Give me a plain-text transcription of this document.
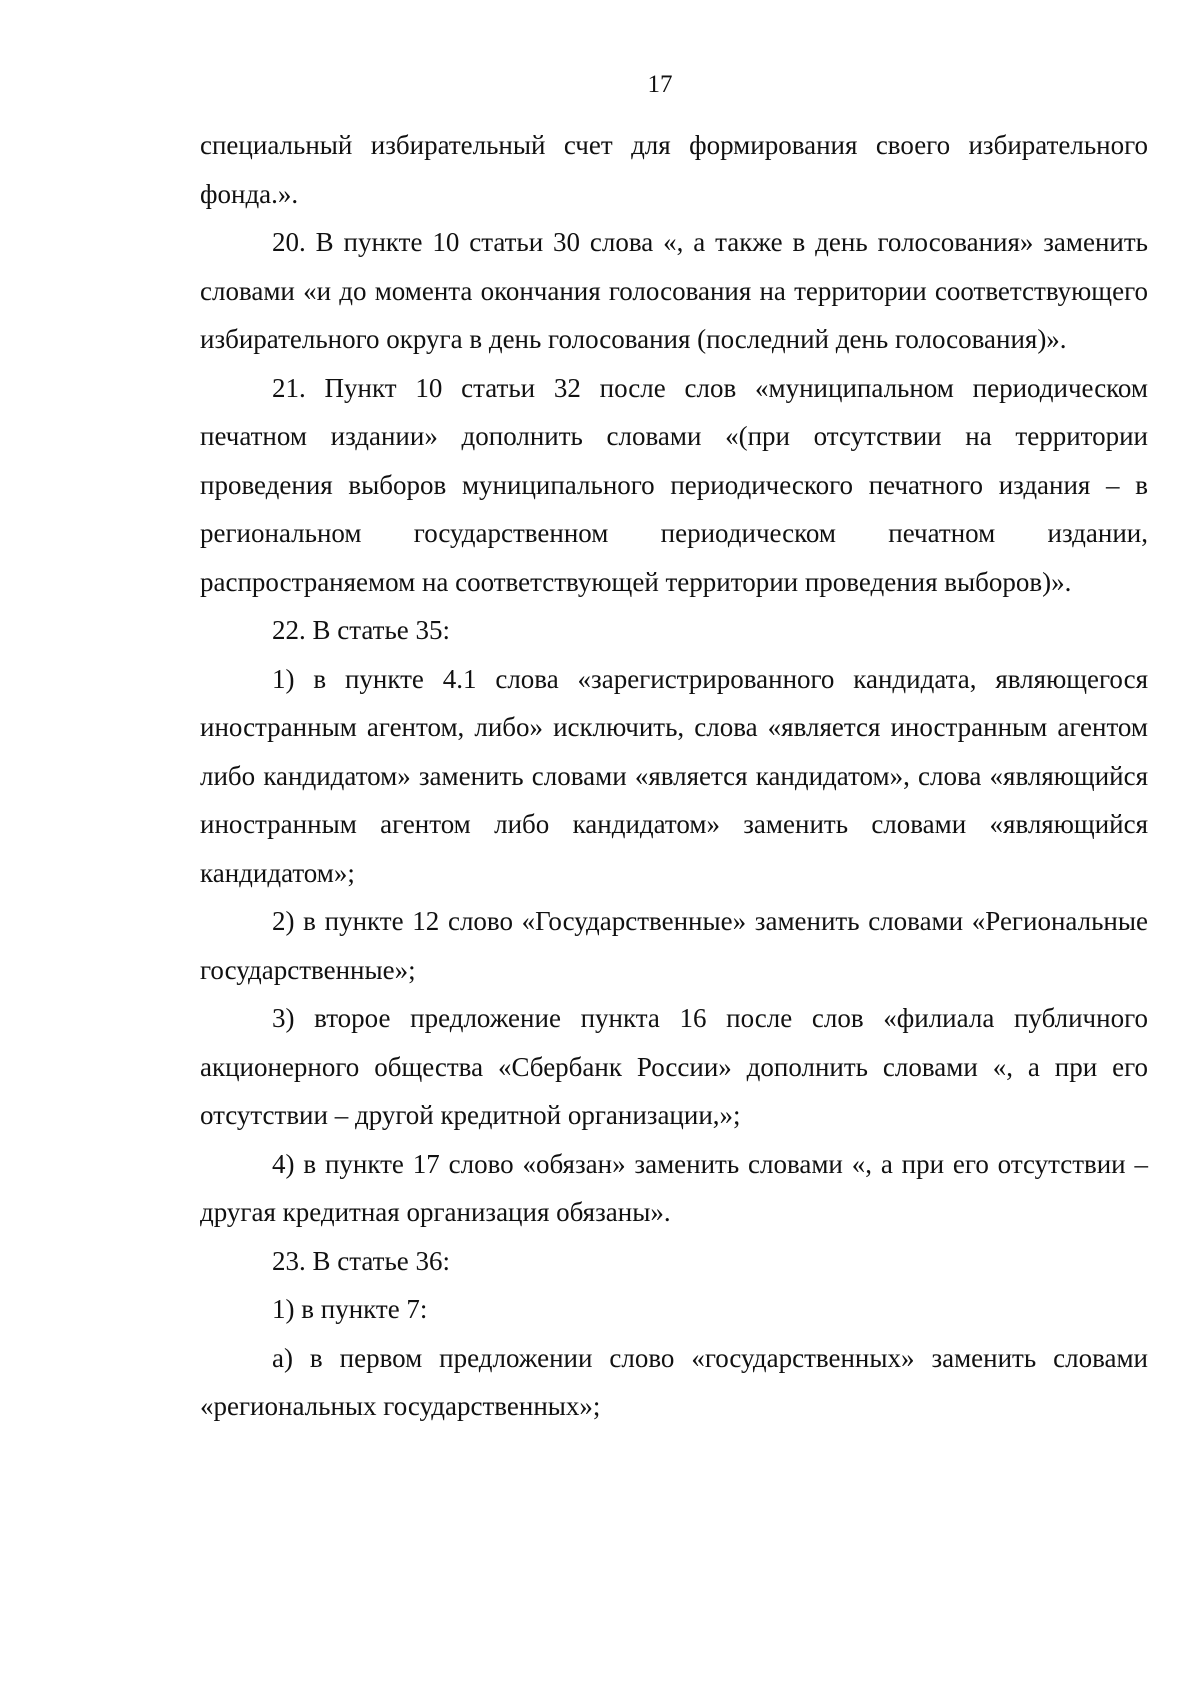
17

специальный избирательный счет для формирования своего избирательного фонда.».

20. В пункте 10 статьи 30 слова «, а также в день голосования» заменить словами «и до момента окончания голосования на территории соответствующего избирательного округа в день голосования (последний день голосования)».

21. Пункт 10 статьи 32 после слов «муниципальном периодическом печатном издании» дополнить словами «(при отсутствии на территории проведения выборов муниципального периодического печатного издания – в региональном государственном периодическом печатном издании, распространяемом на соответствующей территории проведения выборов)».

22. В статье 35:

1) в пункте 4.1 слова «зарегистрированного кандидата, являющегося иностранным агентом, либо» исключить, слова «является иностранным агентом либо кандидатом» заменить словами «является кандидатом», слова «являющийся иностранным агентом либо кандидатом» заменить словами «являющийся кандидатом»;

2) в пункте 12 слово «Государственные» заменить словами «Региональные государственные»;

3) второе предложение пункта 16 после слов «филиала публичного акционерного общества «Сбербанк России» дополнить словами «, а при его отсутствии – другой кредитной организации,»;

4) в пункте 17 слово «обязан» заменить словами «, а при его отсутствии – другая кредитная организация обязаны».

23. В статье 36:

1) в пункте 7:

а) в первом предложении слово «государственных» заменить словами «региональных государственных»;
